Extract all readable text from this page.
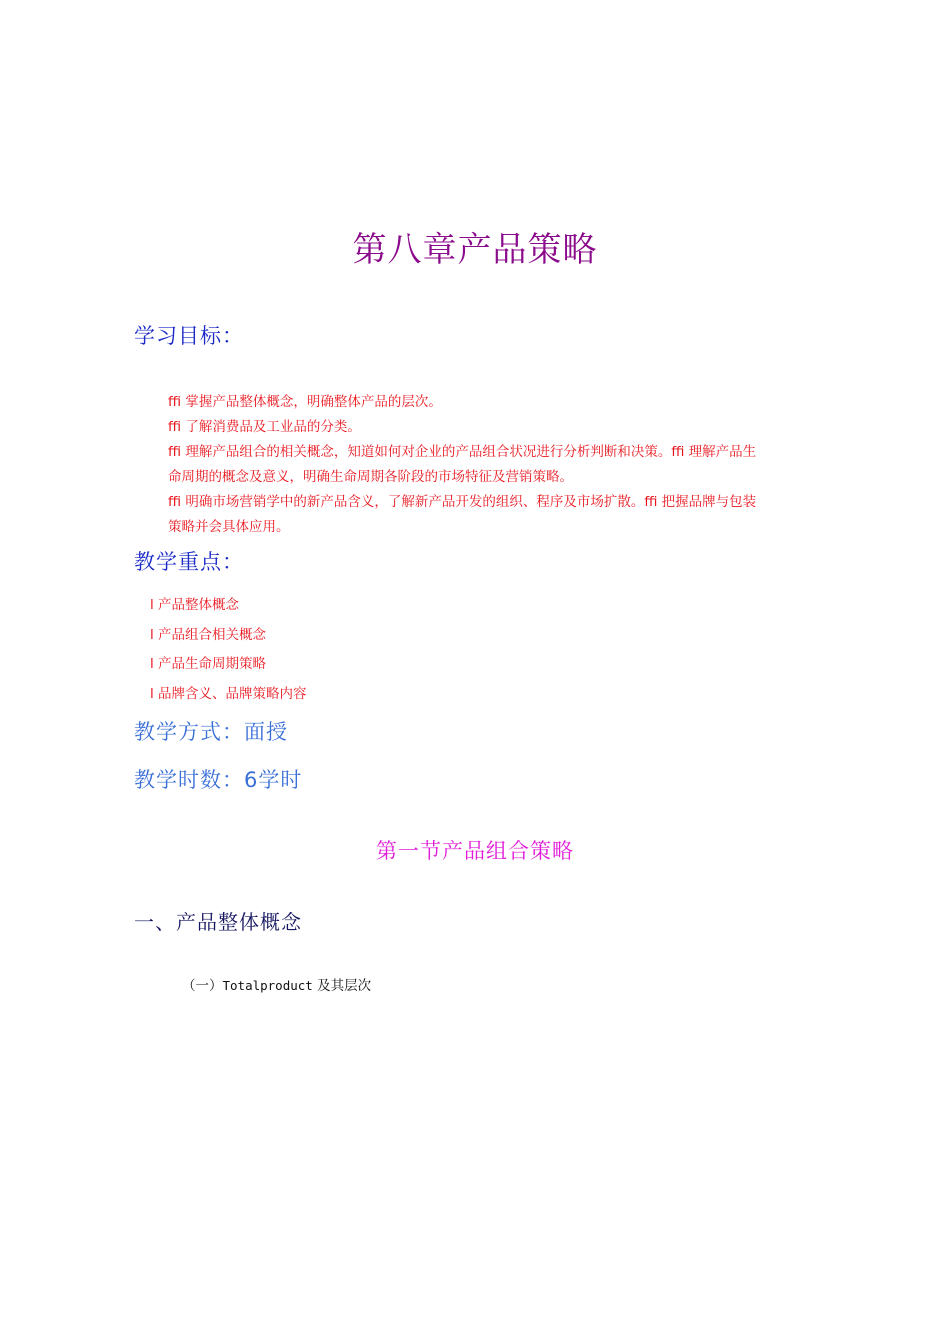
第八章产品策略
学习目标：

ﬃ 掌握产品整体概念，明确整体产品的层次。

ﬃ 了解消费品及工业品的分类。

ﬃ 理解产品组合的相关概念，知道如何对企业的产品组合状况进行分析判断和决策。ﬃ 理解产品生

命周期的概念及意义，明确生命周期各阶段的市场特征及营销策略。

ﬃ 明确市场营销学中的新产品含义，了解新产品开发的组织、程序及市场扩散。ﬃ 把握品牌与包装

策略并会具体应用。

教学重点：
l 产品整体概念
l 产品组合相关概念
l 产品生命周期策略
l 品牌含义、品牌策略内容
教学方式：面授
教学时数：6学时
第一节产品组合策略
一、产品整体概念
（一）Totalproduct 及其层次
